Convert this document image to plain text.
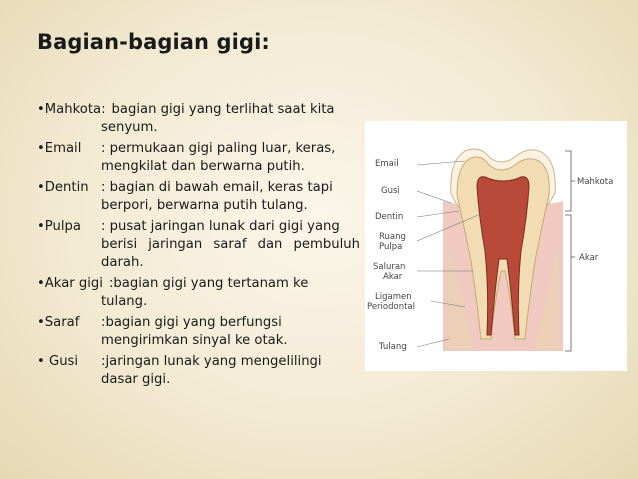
Bagian-bagian gigi:
•Mahkota: bagian gigi yang terlihat saat kita
senyum.
•Email	: permukaan gigi paling luar, keras,
mengkilat dan berwarna putih.
•Dentin : bagian di bawah email, keras tapi
berpori, berwarna putih tulang.
•Pulpa	: pusat jaringan lunak dari gigi yang
berisi jaringan saraf dan pembuluh darah.
•Akar gigi :bagian gigi yang tertanam ke
tulang.
•Saraf	:bagian gigi yang berfungsi
mengirimkan sinyal ke otak.
• Gusi	:jaringan lunak yang mengelilingi
dasar gigi.
Email
Gusi
Dentin
Ruang
Pulpa
Saluran
Akar
Ligamen
Periodontal
Tulang
Mahkota
Akar
